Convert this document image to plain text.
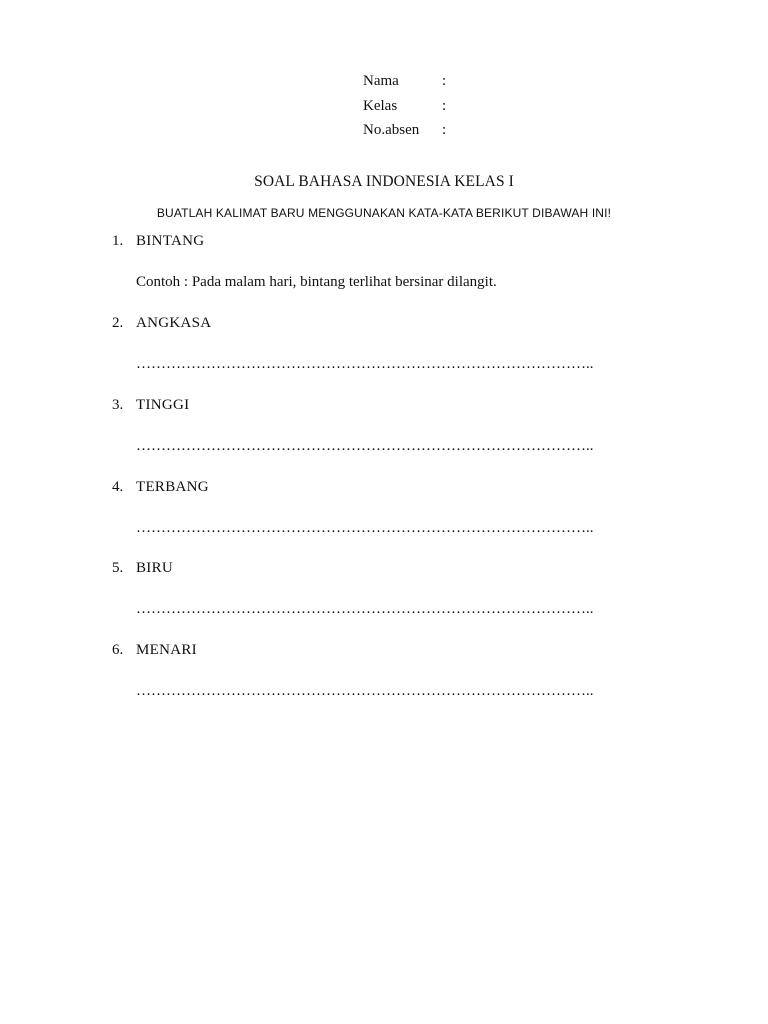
Nama	:
Kelas	:
No.absen :
SOAL BAHASA INDONESIA KELAS I
BUATLAH KALIMAT BARU MENGGUNAKAN KATA-KATA BERIKUT DIBAWAH INI!
1. BINTANG
Contoh : Pada malam hari, bintang terlihat bersinar dilangit.
2. ANGKASA
………………………………………………………………………………..
3. TINGGI
………………………………………………………………………………..
4. TERBANG
………………………………………………………………………………..
5. BIRU
………………………………………………………………………………..
6. MENARI
………………………………………………………………………………..
